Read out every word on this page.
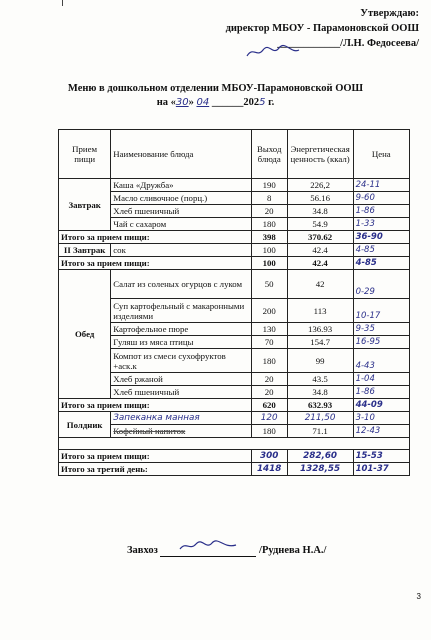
Утверждаю:
директор МБОУ - Парамоновской ООШ
____________/Л.Н. Федосеева/
Меню в дошкольном отделении МБОУ-Парамоновской ООШ
на «30» 04 ______2025 г.
Прием пищи	Наименование блюда	Выход блюда	Энергетическая ценность (ккал)	Цена
Завтрак	Каша «Дружба»	190	226,2	24-11
	Масло сливочное (порц.)	8	56.16	9-60
	Хлеб пшеничный	20	34.8	1-86
	Чай с сахаром	180	54.9	1-33
Итого за прием пищи:		398	370.62	36-90
II Завтрак	сок	100	42.4	4-85
Итого за прием пищи:		100	42.4	4-85
Обед	Салат из соленых огурцов с луком	50	42	0-29
	Суп картофельный с макаронными изделиями	200	113	10-17
	Картофельное пюре	130	136.93	9-35
	Гуляш из мяса птицы	70	154.7	16-95
	Компот из смеси сухофруктов +аск.к	180	99	4-43
	Хлеб ржаной	20	43.5	1-04
	Хлеб пшеничный	20	34.8	1-86
Итого за прием пищи:		620	632.93	44-09
Полдник	Запеканка манная	120	211,50	3-10
	Кофейный напиток	180	71.1	12-43

Итого за прием пищи:		300	282,60	15-53
Итого за третий день:		1418	1328,55	101-37
Завхоз	/Руднева Н.А./
3
